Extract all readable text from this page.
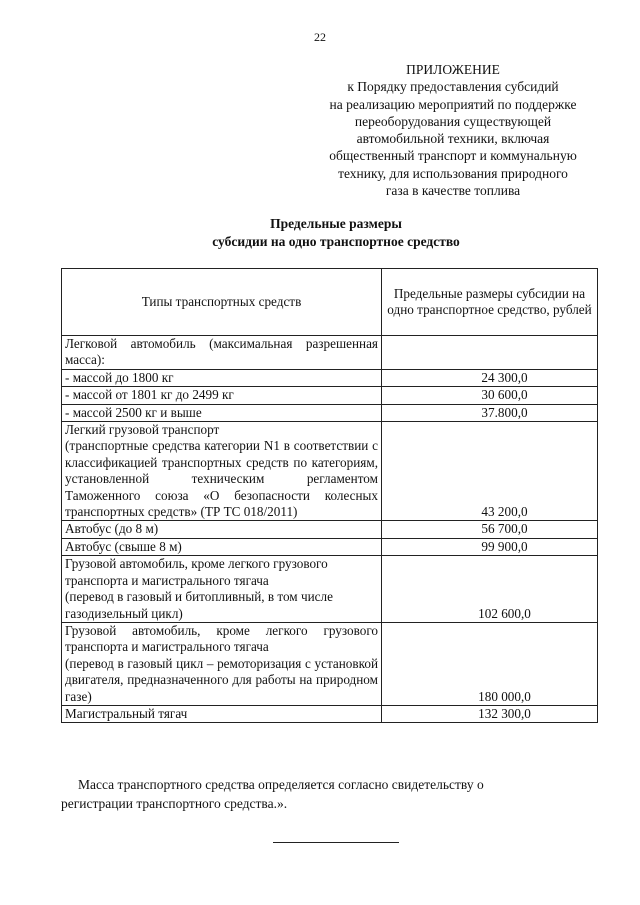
22
ПРИЛОЖЕНИЕ
к Порядку предоставления субсидий
на реализацию мероприятий по поддержке
переоборудования существующей
автомобильной техники, включая
общественный транспорт и коммунальную
технику, для использования природного
газа в качестве топлива
Предельные размеры
субсидии на одно транспортное средство
Типы транспортных средств	Предельные размеры субсидии на одно транспортное средство, рублей
Легковой автомобиль (максимальная разрешенная масса):	
- массой до 1800 кг	24 300,0
- массой от 1801 кг до 2499 кг	30 600,0
- массой 2500 кг и выше	37.800,0
Легкий грузовой транспорт
(транспортные средства категории N1 в соответствии с классификацией транспортных средств по категориям, установленной техническим регламентом Таможенного союза «О безопасности колесных транспортных средств» (ТР ТС 018/2011)	43 200,0
Автобус (до 8 м)	56 700,0
Автобус (свыше 8 м)	99 900,0
Грузовой автомобиль, кроме легкого грузового транспорта и магистрального тягача
(перевод в газовый и битопливный, в том числе газодизельный цикл)	102 600,0
Грузовой автомобиль, кроме легкого грузового транспорта и магистрального тягача
(перевод в газовый цикл – ремоторизация с установкой двигателя, предназначенного для работы на природном газе)	180 000,0
Магистральный тягач	132 300,0
Масса транспортного средства определяется согласно свидетельству о
регистрации транспортного средства.».
